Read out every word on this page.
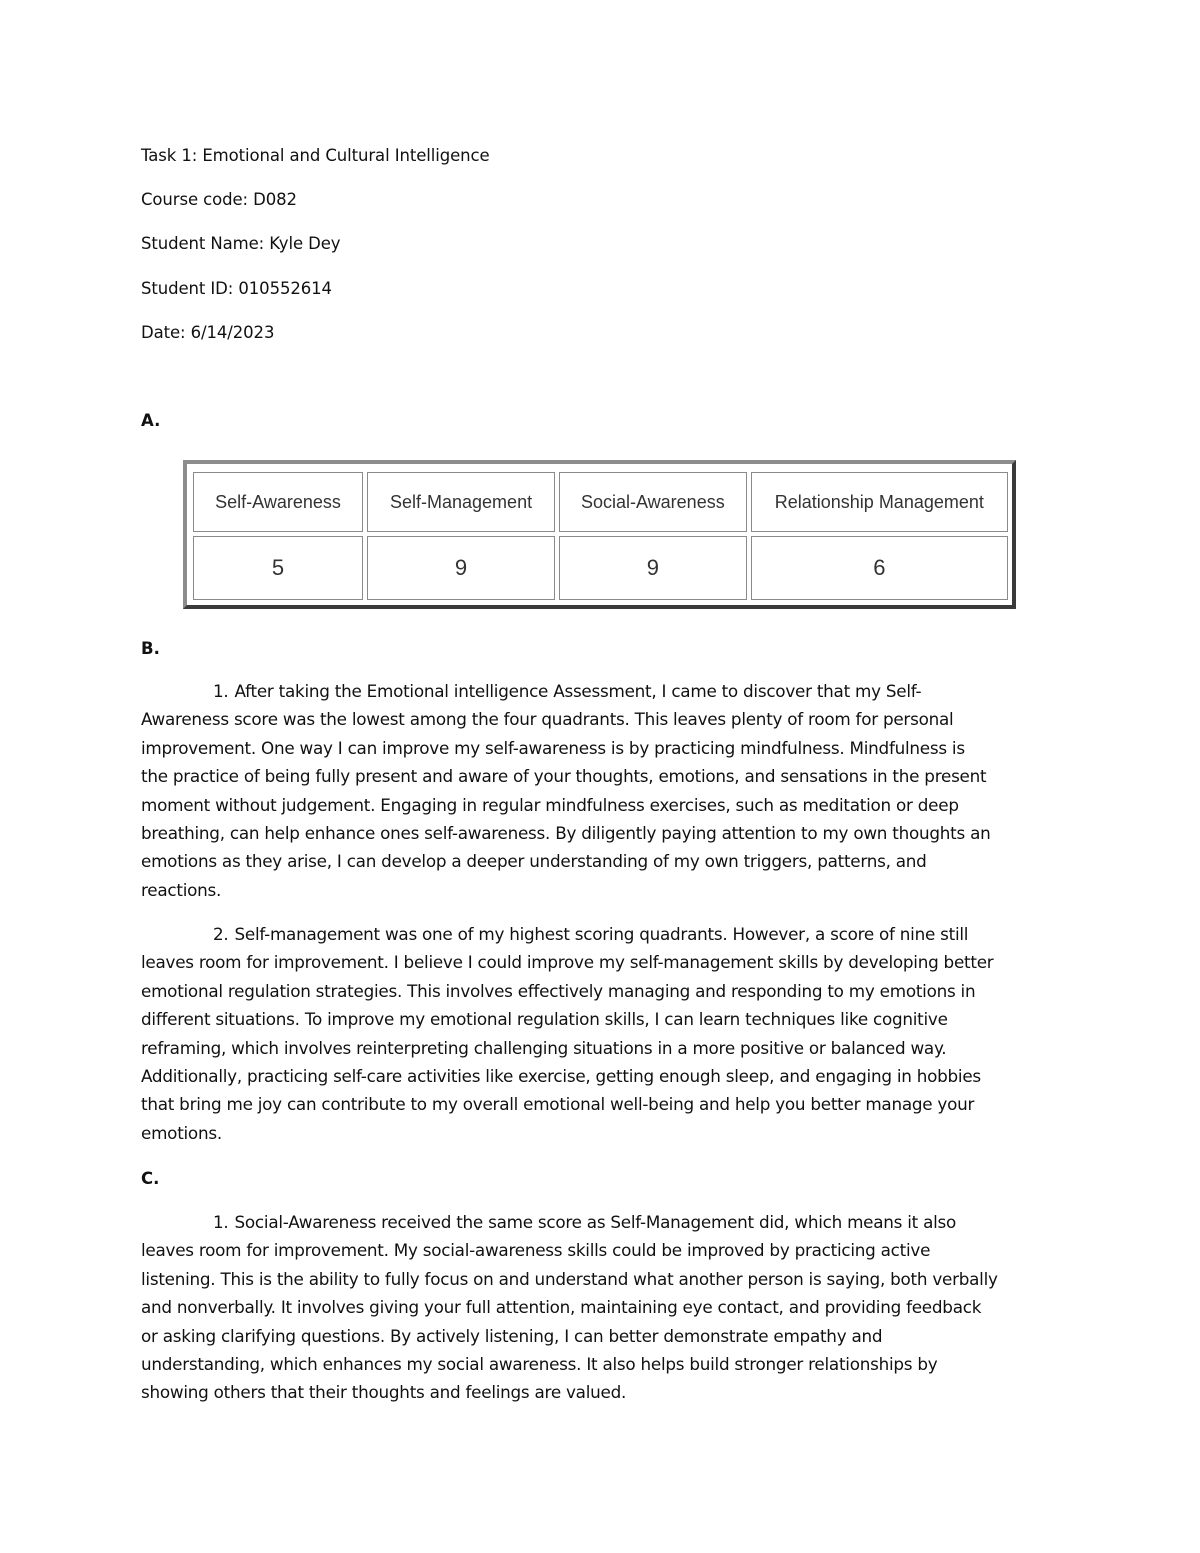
Task 1: Emotional and Cultural Intelligence
Course code: D082
Student Name: Kyle Dey
Student ID: 010552614
Date: 6/14/2023
A.
Self-Awareness	Self-Management	Social-Awareness	Relationship Management
5	9	9	6
B.
1. After taking the Emotional intelligence Assessment, I came to discover that my Self-
Awareness score was the lowest among the four quadrants. This leaves plenty of room for personal
improvement. One way I can improve my self-awareness is by practicing mindfulness. Mindfulness is
the practice of being fully present and aware of your thoughts, emotions, and sensations in the present
moment without judgement. Engaging in regular mindfulness exercises, such as meditation or deep
breathing, can help enhance ones self-awareness. By diligently paying attention to my own thoughts an
emotions as they arise, I can develop a deeper understanding of my own triggers, patterns, and
reactions.
2. Self-management was one of my highest scoring quadrants. However, a score of nine still
leaves room for improvement. I believe I could improve my self-management skills by developing better
emotional regulation strategies. This involves effectively managing and responding to my emotions in
different situations. To improve my emotional regulation skills, I can learn techniques like cognitive
reframing, which involves reinterpreting challenging situations in a more positive or balanced way.
Additionally, practicing self-care activities like exercise, getting enough sleep, and engaging in hobbies
that bring me joy can contribute to my overall emotional well-being and help you better manage your
emotions.
C.
1. Social-Awareness received the same score as Self-Management did, which means it also
leaves room for improvement. My social-awareness skills could be improved by practicing active
listening. This is the ability to fully focus on and understand what another person is saying, both verbally
and nonverbally. It involves giving your full attention, maintaining eye contact, and providing feedback
or asking clarifying questions. By actively listening, I can better demonstrate empathy and
understanding, which enhances my social awareness. It also helps build stronger relationships by
showing others that their thoughts and feelings are valued.
